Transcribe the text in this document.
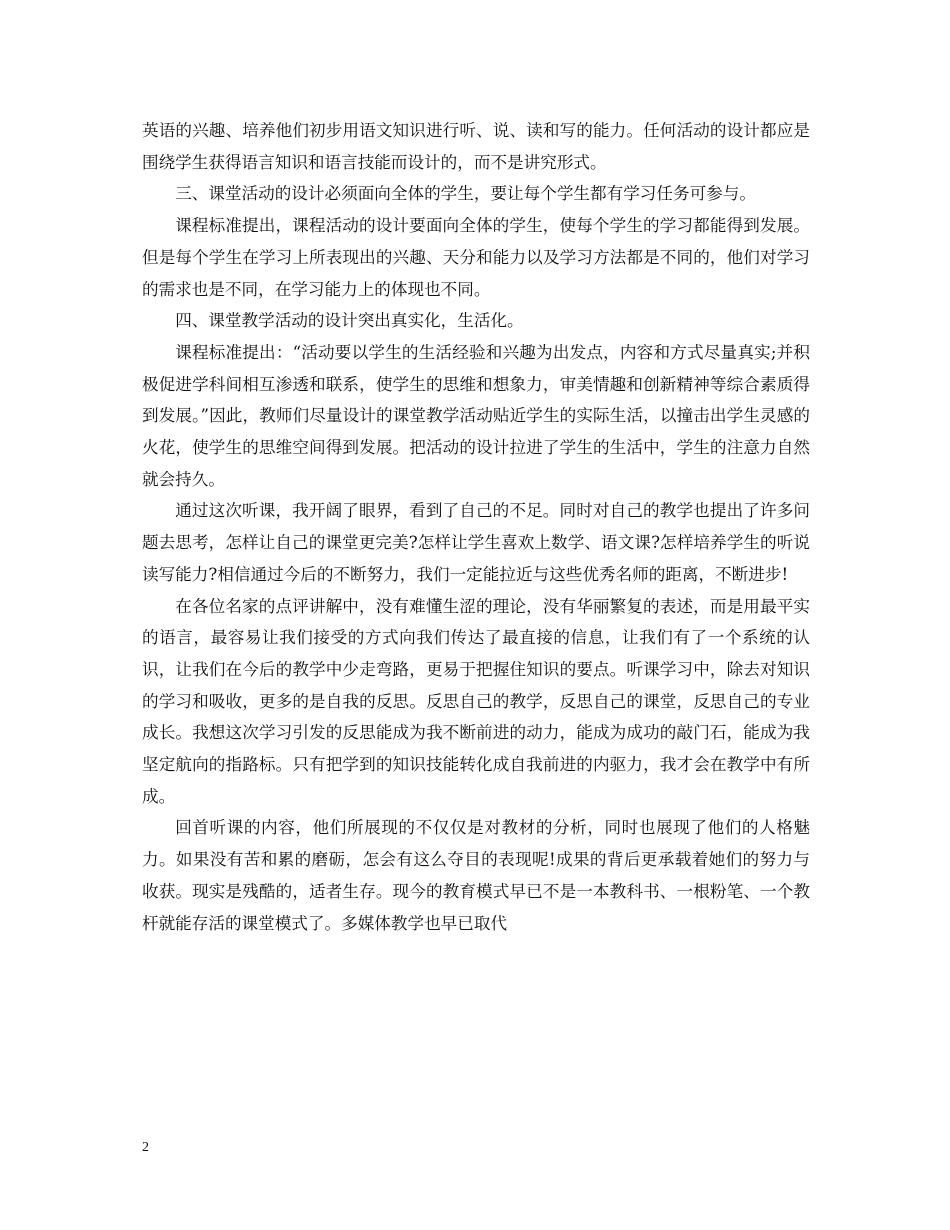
英语的兴趣、培养他们初步用语文知识进行听、说、读和写的能力。任何活动的设计都应是围绕学生获得语言知识和语言技能而设计的，而不是讲究形式。

三、课堂活动的设计必须面向全体的学生，要让每个学生都有学习任务可参与。

课程标准提出，课程活动的设计要面向全体的学生，使每个学生的学习都能得到发展。但是每个学生在学习上所表现出的兴趣、天分和能力以及学习方法都是不同的，他们对学习的需求也是不同，在学习能力上的体现也不同。

四、课堂教学活动的设计突出真实化，生活化。

课程标准提出：“活动要以学生的生活经验和兴趣为出发点，内容和方式尽量真实;并积极促进学科间相互渗透和联系，使学生的思维和想象力，审美情趣和创新精神等综合素质得到发展。”因此，教师们尽量设计的课堂教学活动贴近学生的实际生活，以撞击出学生灵感的火花，使学生的思维空间得到发展。把活动的设计拉进了学生的生活中，学生的注意力自然就会持久。

通过这次听课，我开阔了眼界，看到了自己的不足。同时对自己的教学也提出了许多问题去思考，怎样让自己的课堂更完美?怎样让学生喜欢上数学、语文课?怎样培养学生的听说读写能力?相信通过今后的不断努力，我们一定能拉近与这些优秀名师的距离，不断进步!

在各位名家的点评讲解中，没有难懂生涩的理论，没有华丽繁复的表述，而是用最平实的语言，最容易让我们接受的方式向我们传达了最直接的信息，让我们有了一个系统的认识，让我们在今后的教学中少走弯路，更易于把握住知识的要点。听课学习中，除去对知识的学习和吸收，更多的是自我的反思。反思自己的教学，反思自己的课堂，反思自己的专业成长。我想这次学习引发的反思能成为我不断前进的动力，能成为成功的敲门石，能成为我坚定航向的指路标。只有把学到的知识技能转化成自我前进的内驱力，我才会在教学中有所成。

回首听课的内容，他们所展现的不仅仅是对教材的分析，同时也展现了他们的人格魅力。如果没有苦和累的磨砺，怎会有这么夺目的表现呢!成果的背后更承载着她们的努力与收获。现实是残酷的，适者生存。现今的教育模式早已不是一本教科书、一根粉笔、一个教杆就能存活的课堂模式了。多媒体教学也早已取代

2
